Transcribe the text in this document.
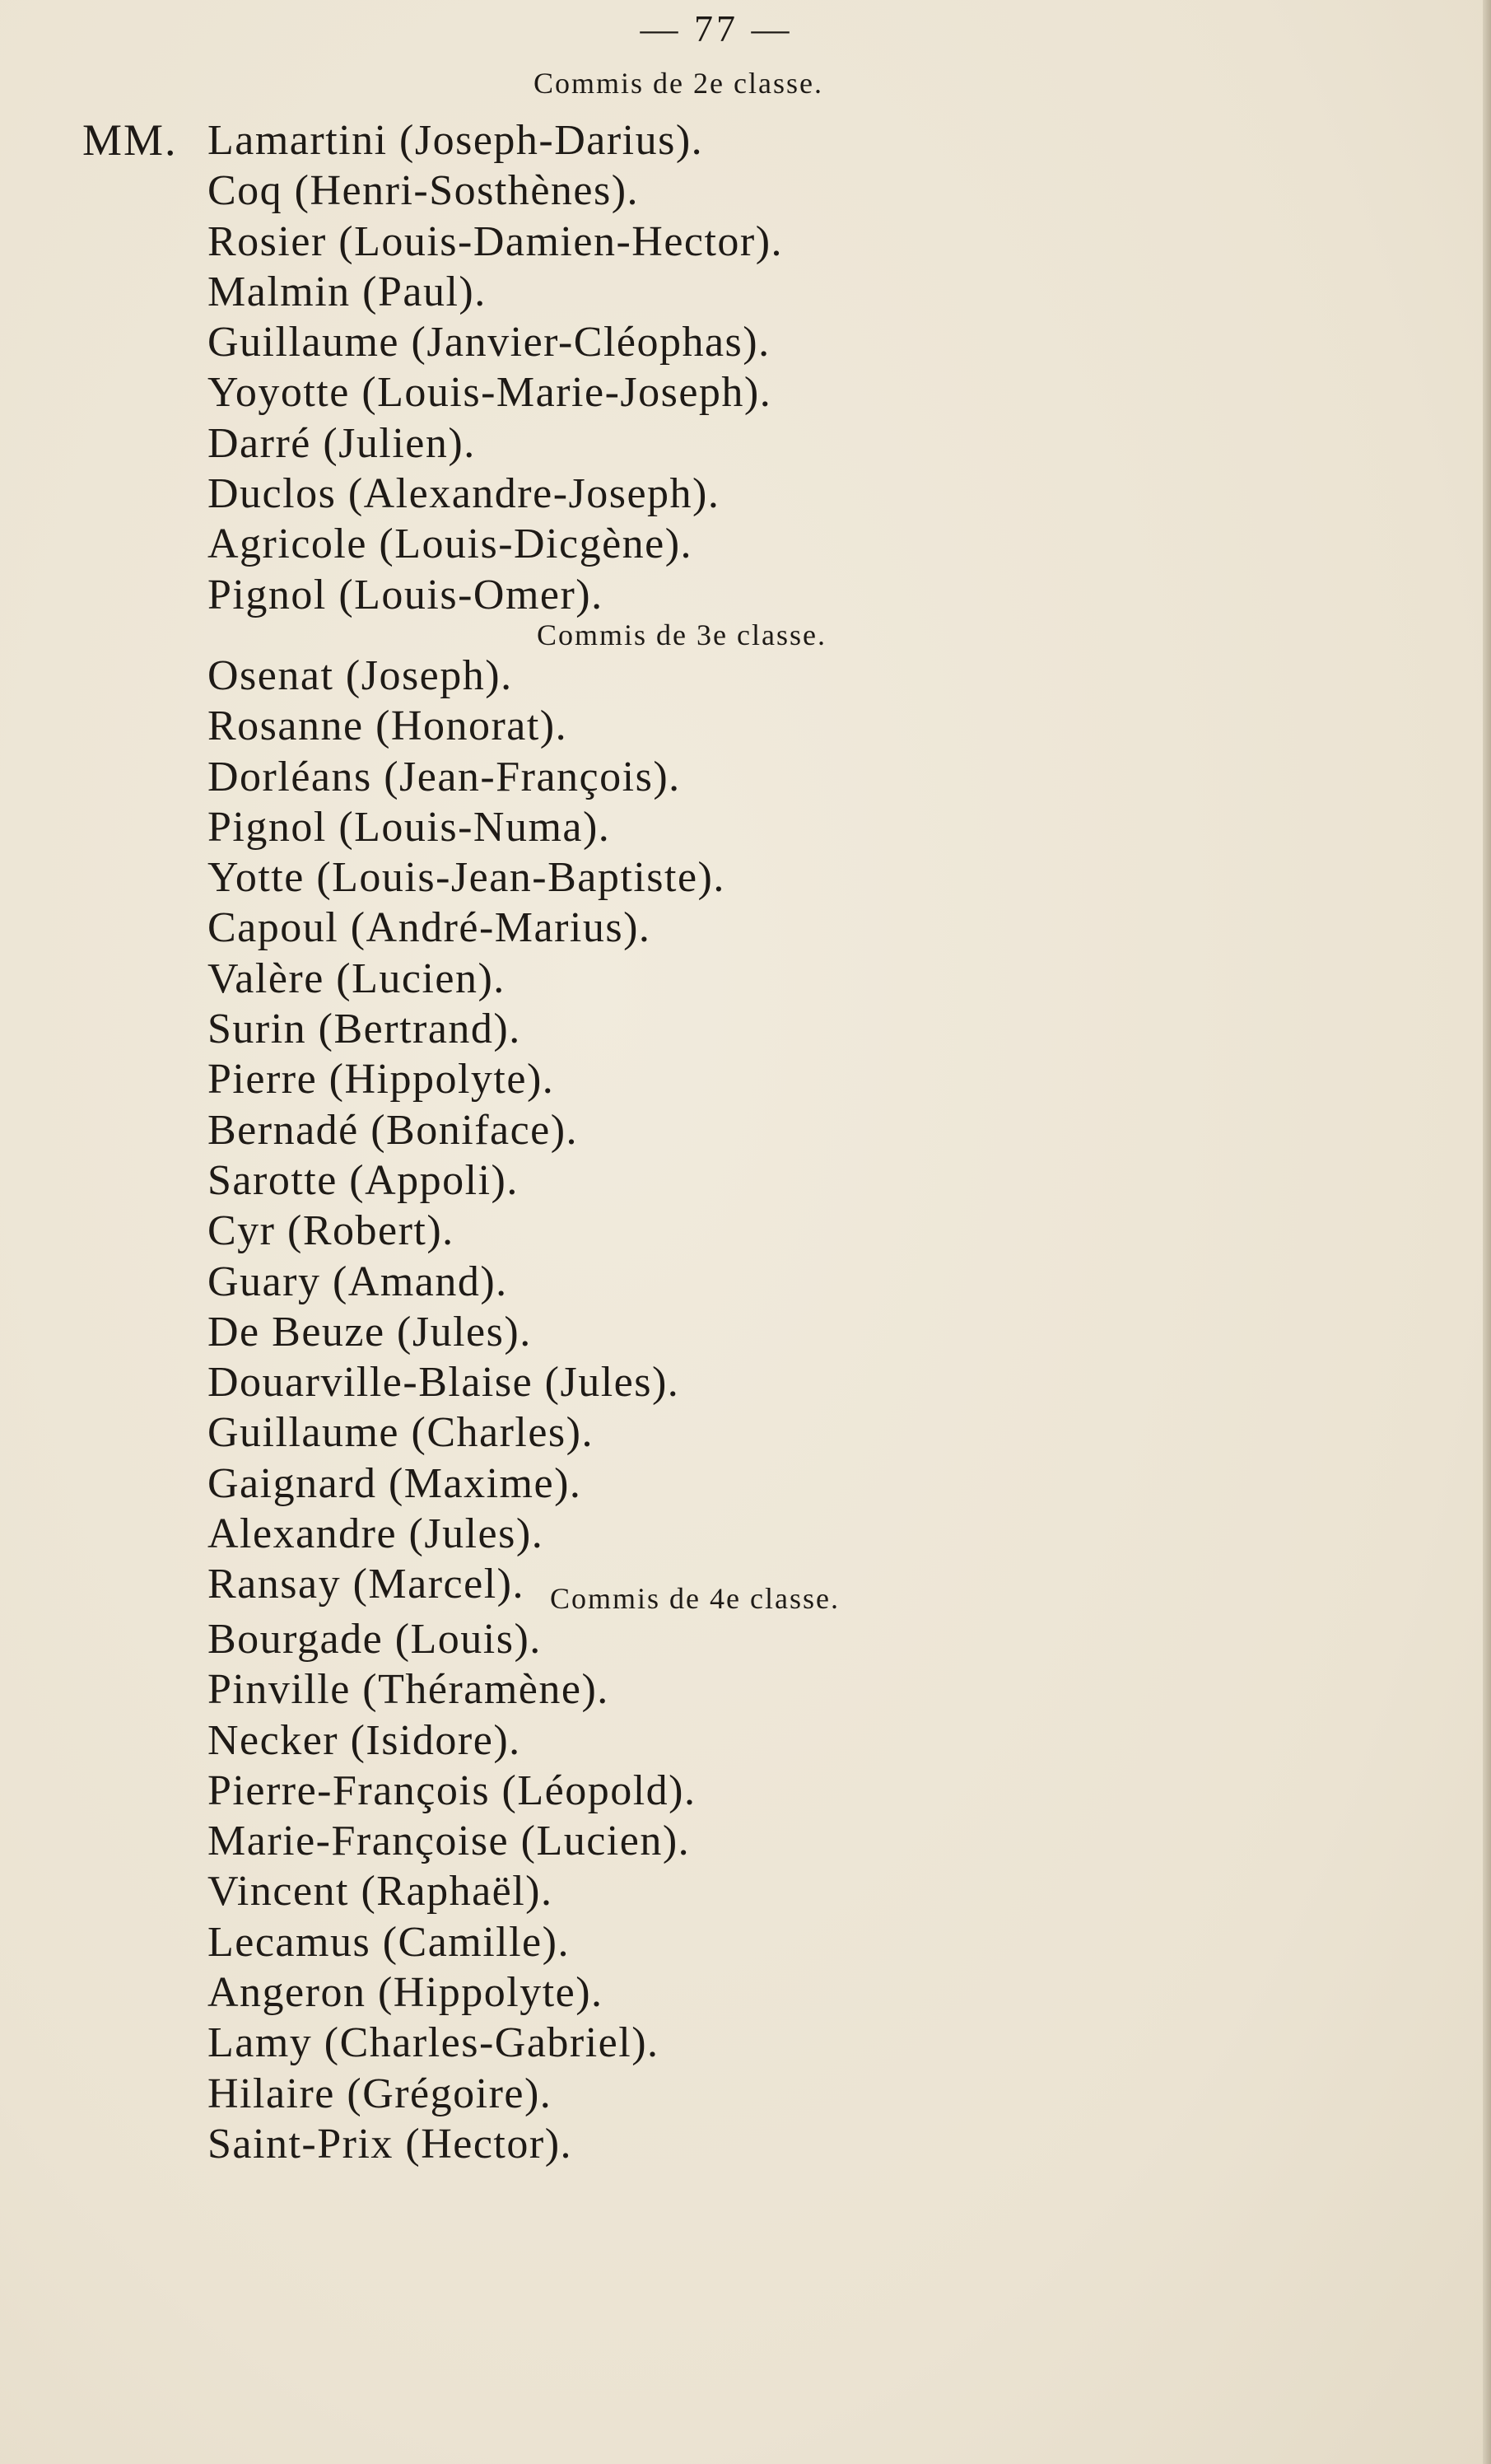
— 77 —
Commis de 2e classe.
MM. Lamartini (Joseph-Darius).
Coq (Henri-Sosthènes).
Rosier (Louis-Damien-Hector).
Malmin (Paul).
Guillaume (Janvier-Cléophas).
Yoyotte (Louis-Marie-Joseph).
Darré (Julien).
Duclos (Alexandre-Joseph).
Agricole (Louis-Dicgène).
Pignol (Louis-Omer).
Commis de 3e classe.
Osenat (Joseph).
Rosanne (Honorat).
Dorléans (Jean-François).
Pignol (Louis-Numa).
Yotte (Louis-Jean-Baptiste).
Capoul (André-Marius).
Valère (Lucien).
Surin (Bertrand).
Pierre (Hippolyte).
Bernadé (Boniface).
Sarotte (Appoli).
Cyr (Robert).
Guary (Amand).
De Beuze (Jules).
Douarville-Blaise (Jules).
Guillaume (Charles).
Gaignard (Maxime).
Alexandre (Jules).
Ransay (Marcel). Commis de 4e classe.
Bourgade (Louis).
Pinville (Théramène).
Necker (Isidore).
Pierre-François (Léopold).
Marie-Françoise (Lucien).
Vincent (Raphaël).
Lecamus (Camille).
Angeron (Hippolyte).
Lamy (Charles-Gabriel).
Hilaire (Grégoire).
Saint-Prix (Hector).
